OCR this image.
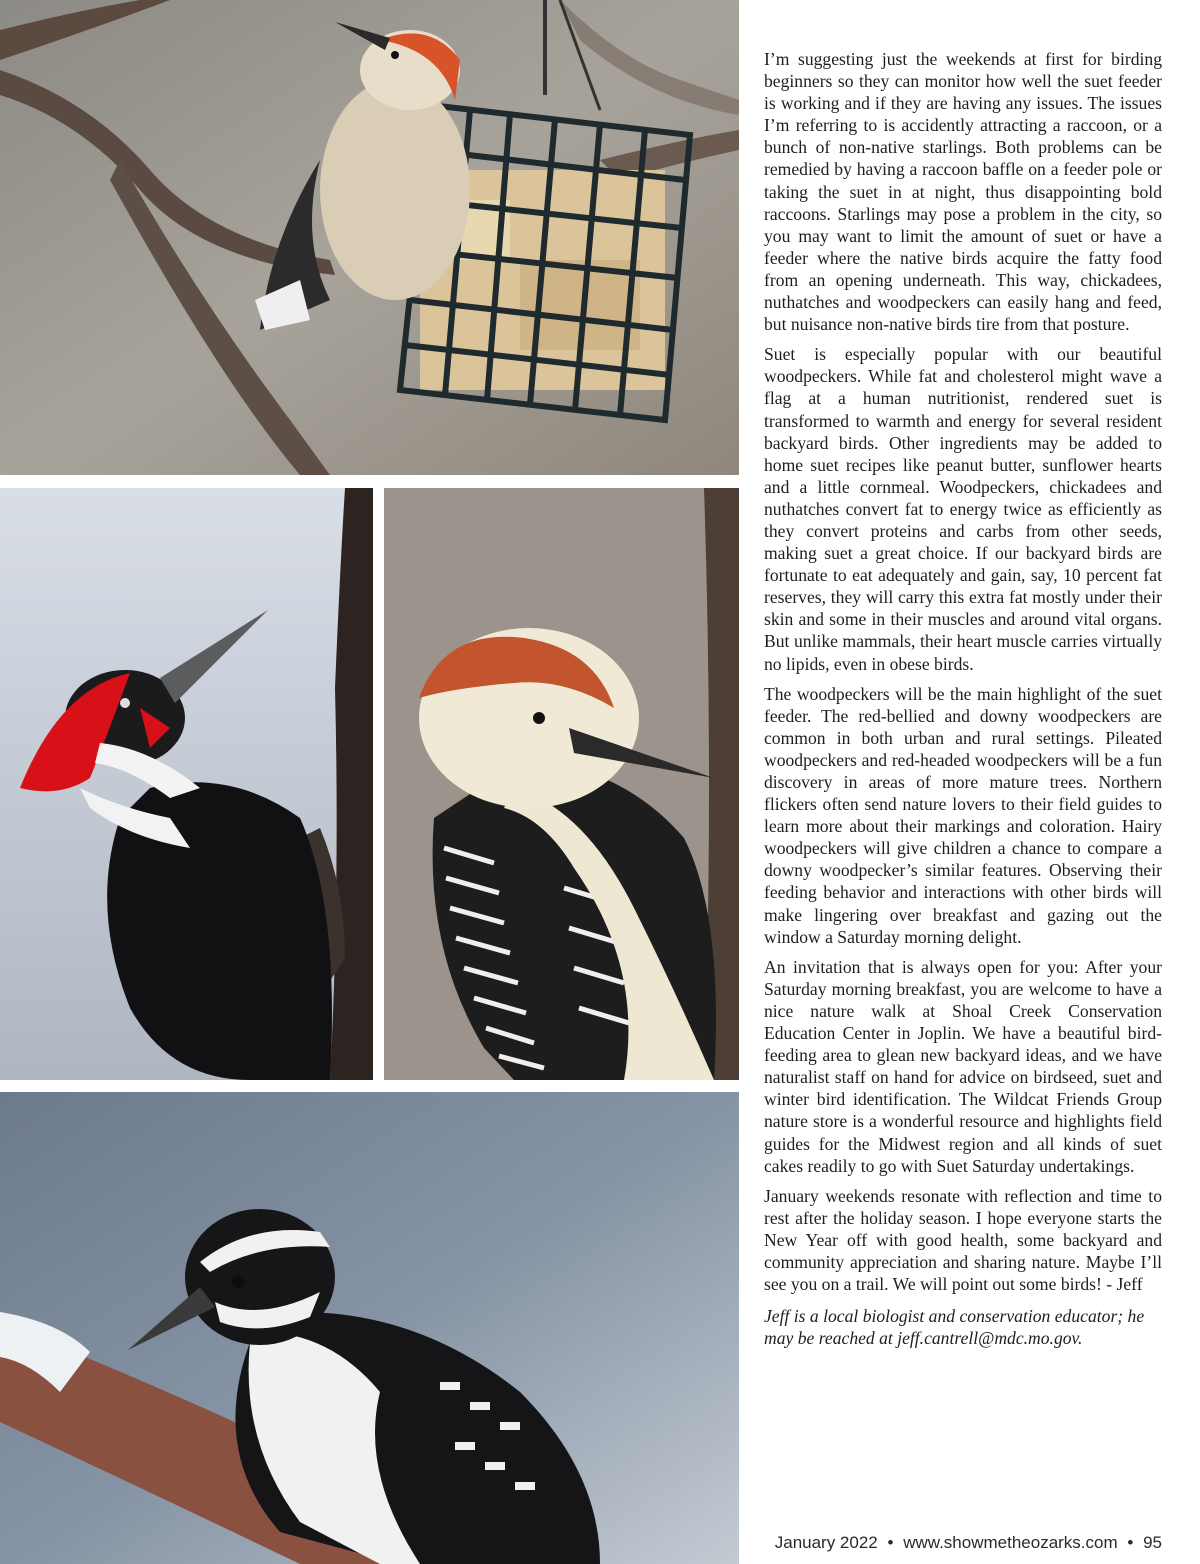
I’m suggesting just the weekends at first for birding beginners so they can monitor how well the suet feeder is working and if they are having any issues. The issues I’m referring to is accidently attracting a raccoon, or a bunch of non-native starlings. Both problems can be remedied by having a raccoon baffle on a feeder pole or taking the suet in at night, thus disappointing bold raccoons. Starlings may pose a problem in the city, so you may want to limit the amount of suet or have a feeder where the native birds acquire the fatty food from an opening underneath. This way, chickadees, nuthatches and woodpeckers can easily hang and feed, but nuisance non-native birds tire from that posture.

Suet is especially popular with our beautiful woodpeckers. While fat and cholesterol might wave a flag at a human nutritionist, rendered suet is transformed to warmth and energy for several resident backyard birds. Other ingredients may be added to home suet recipes like peanut butter, sunflower hearts and a little cornmeal. Woodpeckers, chickadees and nuthatches convert fat to energy twice as efficiently as they convert proteins and carbs from other seeds, making suet a great choice. If our backyard birds are fortunate to eat adequately and gain, say, 10 percent fat reserves, they will carry this extra fat mostly under their skin and some in their muscles and around vital organs. But unlike mammals, their heart muscle carries virtually no lipids, even in obese birds.

The woodpeckers will be the main highlight of the suet feeder. The red-bellied and downy woodpeckers are common in both urban and rural settings. Pileated woodpeckers and red-headed woodpeckers will be a fun discovery in areas of more mature trees. Northern flickers often send nature lovers to their field guides to learn more about their markings and coloration. Hairy woodpeckers will give children a chance to compare a downy woodpecker’s similar features. Observing their feeding behavior and interactions with other birds will make lingering over breakfast and gazing out the window a Saturday morning delight.

An invitation that is always open for you: After your Saturday morning breakfast, you are welcome to have a nice nature walk at Shoal Creek Conservation Education Center in Joplin. We have a beautiful bird-feeding area to glean new backyard ideas, and we have naturalist staff on hand for advice on birdseed, suet and winter bird identification. The Wildcat Friends Group nature store is a wonderful resource and highlights field guides for the Midwest region and all kinds of suet cakes readily to go with Suet Saturday undertakings.

January weekends resonate with reflection and time to rest after the holiday season. I hope everyone starts the New Year off with good health, some backyard and community appreciation and sharing nature. Maybe I’ll see you on a trail. We will point out some birds! - Jeff

Jeff is a local biologist and conservation educator; he may be reached at jeff.cantrell@mdc.mo.gov.

January 2022 • www.showmetheozarks.com • 95
